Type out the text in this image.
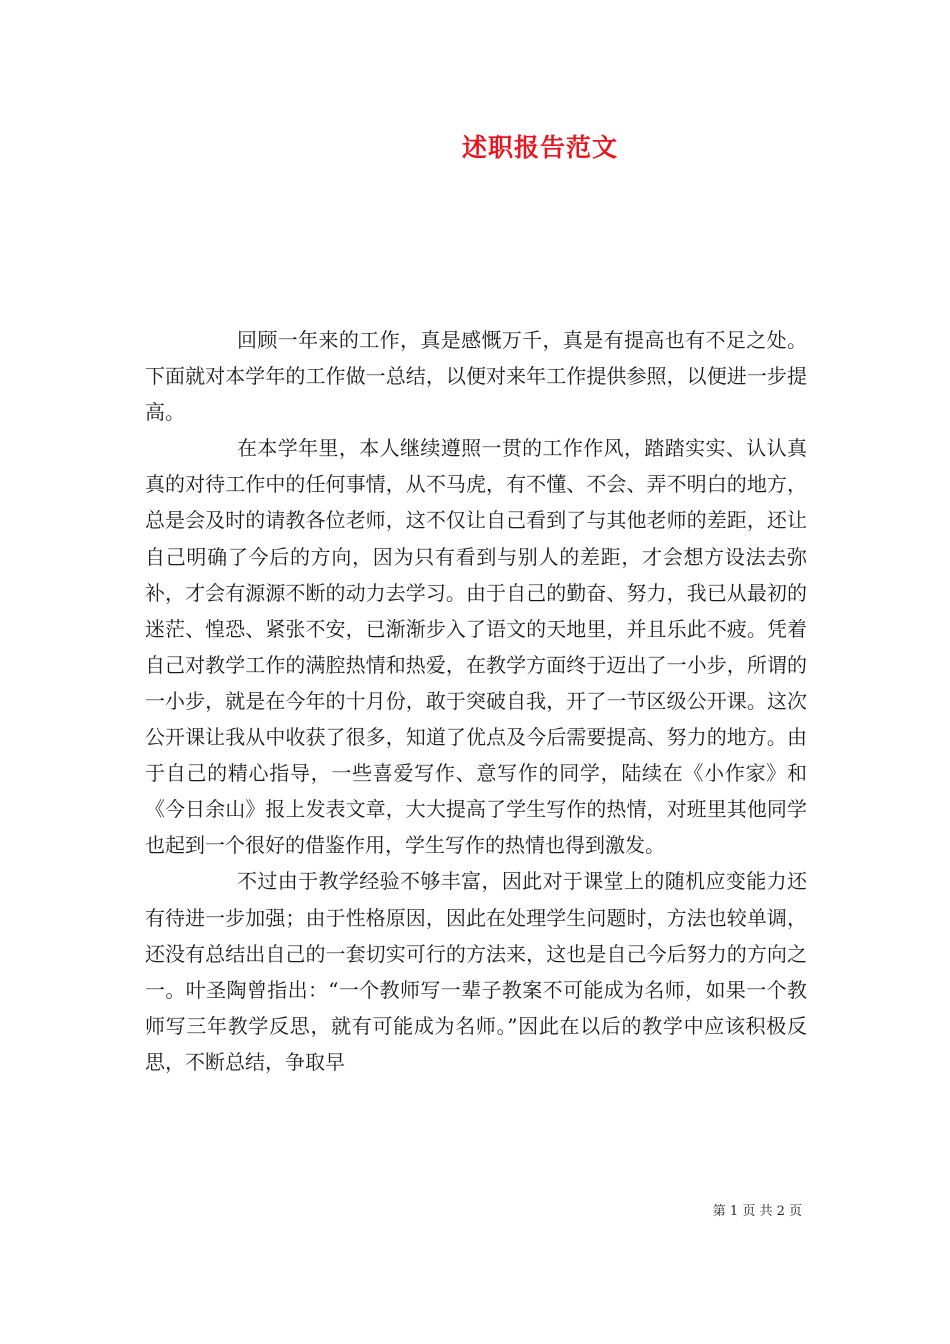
述职报告范文

回顾一年来的工作，真是感慨万千，真是有提高也有不足之处。下面就对本学年的工作做一总结，以便对来年工作提供参照，以便进一步提高。

在本学年里，本人继续遵照一贯的工作作风，踏踏实实、认认真真的对待工作中的任何事情，从不马虎，有不懂、不会、弄不明白的地方，总是会及时的请教各位老师，这不仅让自己看到了与其他老师的差距，还让自己明确了今后的方向，因为只有看到与别人的差距，才会想方设法去弥补，才会有源源不断的动力去学习。由于自己的勤奋、努力，我已从最初的迷茫、惶恐、紧张不安，已渐渐步入了语文的天地里，并且乐此不疲。凭着自己对教学工作的满腔热情和热爱，在教学方面终于迈出了一小步，所谓的一小步，就是在今年的十月份，敢于突破自我，开了一节区级公开课。这次公开课让我从中收获了很多，知道了优点及今后需要提高、努力的地方。由于自己的精心指导，一些喜爱写作、意写作的同学，陆续在《小作家》和《今日余山》报上发表文章，大大提高了学生写作的热情，对班里其他同学也起到一个很好的借鉴作用，学生写作的热情也得到激发。

不过由于教学经验不够丰富，因此对于课堂上的随机应变能力还有待进一步加强；由于性格原因，因此在处理学生问题时，方法也较单调，还没有总结出自己的一套切实可行的方法来，这也是自己今后努力的方向之一。叶圣陶曾指出：“一个教师写一辈子教案不可能成为名师，如果一个教师写三年教学反思，就有可能成为名师。”因此在以后的教学中应该积极反思，不断总结，争取早

第 1 页 共 2 页
